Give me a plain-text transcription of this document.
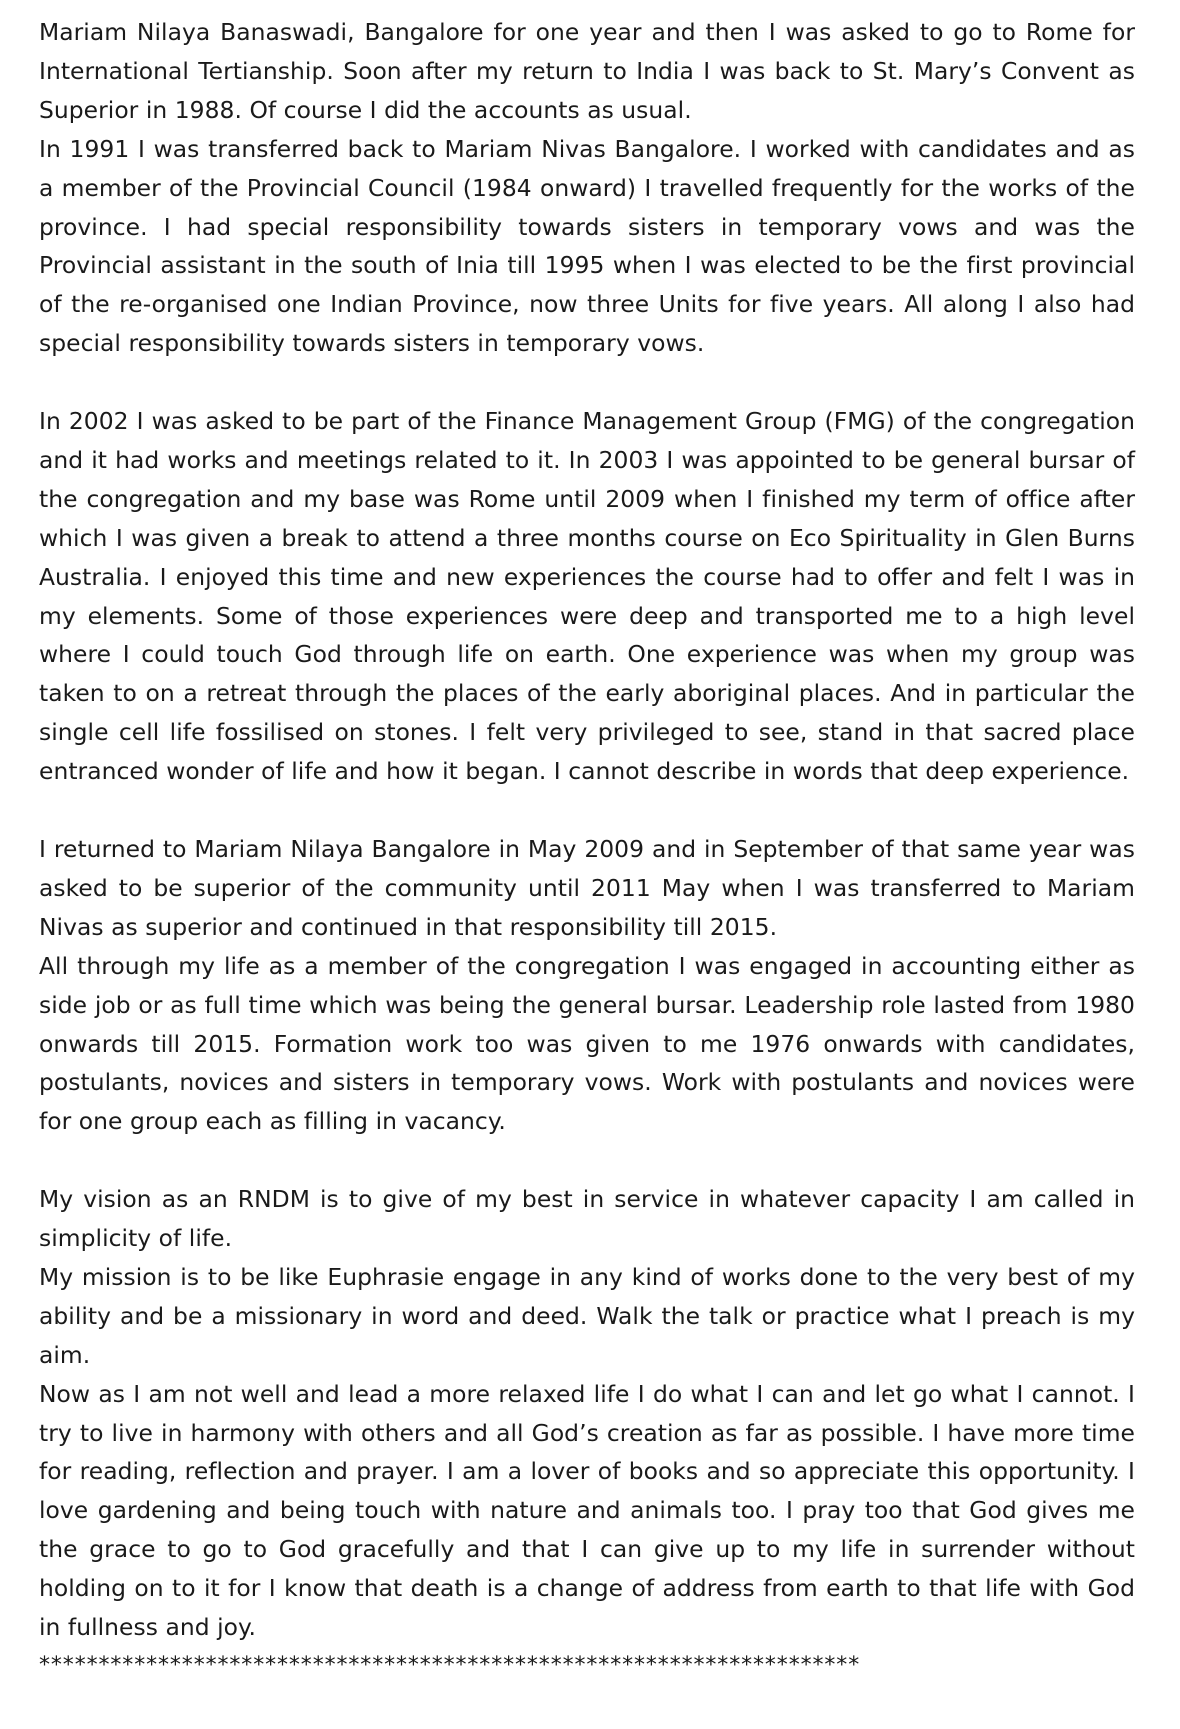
Mariam Nilaya Banaswadi, Bangalore for one year and then I was asked to go to Rome for International Tertianship. Soon after my return to India I was back to St. Mary’s Convent as Superior in 1988. Of course I did the accounts as usual.

In 1991 I was transferred back to Mariam Nivas Bangalore. I worked with candidates and as a member of the Provincial Council (1984 onward) I travelled frequently for the works of the province. I had special responsibility towards sisters in temporary vows and was the Provincial assistant in the south of Inia till 1995 when I was elected to be the first provincial of the re-organised one Indian Province, now three Units for five years. All along I also had special responsibility towards sisters in temporary vows.

In 2002 I was asked to be part of the Finance Management Group (FMG) of the congregation and it had works and meetings related to it. In 2003 I was appointed to be general bursar of the congregation and my base was Rome until 2009 when I finished my term of office after which I was given a break to attend a three months course on Eco Spirituality in Glen Burns Australia. I enjoyed this time and new experiences the course had to offer and felt I was in my elements. Some of those experiences were deep and transported me to a high level where I could touch God through life on earth. One experience was when my group was taken to on a retreat through the places of the early aboriginal places. And in particular the single cell life fossilised on stones. I felt very privileged to see, stand in that sacred place entranced wonder of life and how it began. I cannot describe in words that deep experience.

I returned to Mariam Nilaya Bangalore in May 2009 and in September of that same year was asked to be superior of the community until 2011 May when I was transferred to Mariam Nivas as superior and continued in that responsibility till 2015.

All through my life as a member of the congregation I was engaged in accounting either as side job or as full time which was being the general bursar. Leadership role lasted from 1980 onwards till 2015. Formation work too was given to me 1976 onwards with candidates, postulants, novices and sisters in temporary vows. Work with postulants and novices were for one group each as filling in vacancy.

My vision as an RNDM is to give of my best in service in whatever capacity I am called in simplicity of life.

My mission is to be like Euphrasie engage in any kind of works done to the very best of my ability and be a missionary in word and deed. Walk the talk or practice what I preach is my aim.

Now as I am not well and lead a more relaxed life I do what I can and let go what I cannot. I try to live in harmony with others and all God’s creation as far as possible. I have more time for reading, reflection and prayer. I am a lover of books and so appreciate this opportunity. I love gardening and being touch with nature and animals too. I pray too that God gives me the grace to go to God gracefully and that I can give up to my life in surrender without holding on to it for I know that death is a change of address from earth to that life with God in fullness and joy.

*********************************************************************
